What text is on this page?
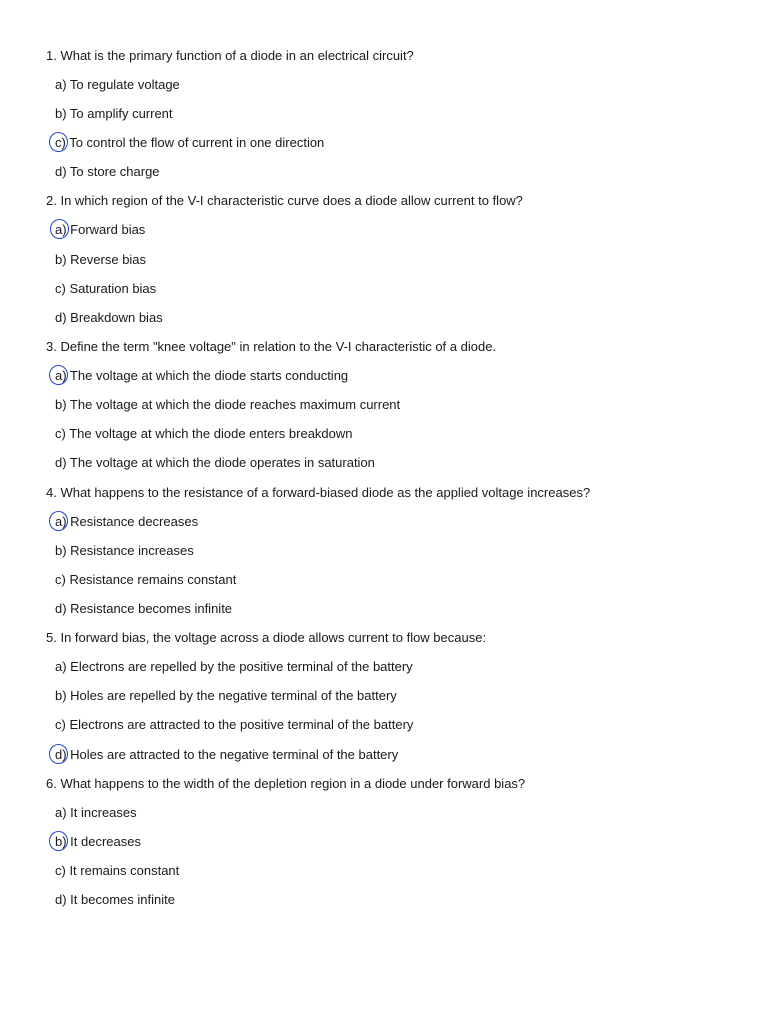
1. What is the primary function of a diode in an electrical circuit?
a) To regulate voltage
b) To amplify current
c) To control the flow of current in one direction
d) To store charge
2. In which region of the V-I characteristic curve does a diode allow current to flow?
a) Forward bias
b) Reverse bias
c) Saturation bias
d) Breakdown bias
3. Define the term "knee voltage" in relation to the V-I characteristic of a diode.
a) The voltage at which the diode starts conducting
b) The voltage at which the diode reaches maximum current
c) The voltage at which the diode enters breakdown
d) The voltage at which the diode operates in saturation
4. What happens to the resistance of a forward-biased diode as the applied voltage increases?
a) Resistance decreases
b) Resistance increases
c) Resistance remains constant
d) Resistance becomes infinite
5. In forward bias, the voltage across a diode allows current to flow because:
a) Electrons are repelled by the positive terminal of the battery
b) Holes are repelled by the negative terminal of the battery
c) Electrons are attracted to the positive terminal of the battery
d) Holes are attracted to the negative terminal of the battery
6. What happens to the width of the depletion region in a diode under forward bias?
a) It increases
b) It decreases
c) It remains constant
d) It becomes infinite
